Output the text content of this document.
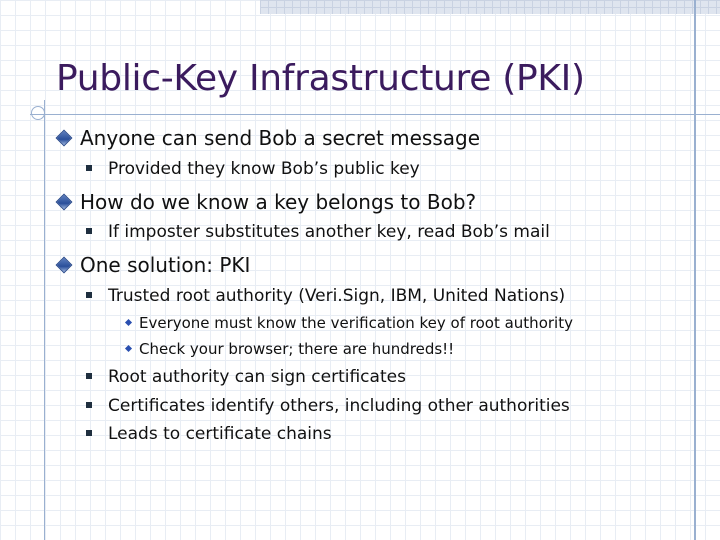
Public-Key Infrastructure (PKI)
Anyone can send Bob a secret message
Provided they know Bob’s public key
How do we know a key belongs to Bob?
If imposter substitutes another key, read Bob’s mail
One solution: PKI
Trusted root authority (Veri.Sign, IBM, United Nations)
Everyone must know the verification key of root authority
Check your browser; there are hundreds!!
Root authority can sign certificates
Certificates identify others, including other authorities
Leads to certificate chains
